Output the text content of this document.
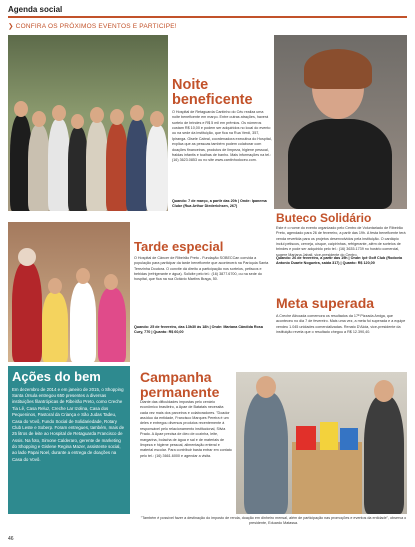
Agenda social
❯ CONFIRA OS PRÓXIMOS EVENTOS E PARTICIPE!
Noite
beneficente
O Hospital de Retaguarda Cantinho do Céu realiza uma noite beneficente em março. Entre outras atrações, haverá sorteio de brindes e R$ 5 mil em prêmios. Os números custam R$ 10,00 e podem ser adquiridos no local do evento ou na sede da instituição, que fica na Rua Verdi, 357, Ipiranga. Gisele Cabral, coordenadora executiva do Hospital, explica que as pessoas também podem colaborar com doações financeiras, produtos de limpeza, higiene pessoal, fraldas infantis e toalhas de banho. Mais informações na tel.: (16) 3623.0853 ou no site www.cantinhodoceu.com.
Quando: 7 de março, a partir das 20h | Onde: Ipanema Clube (Rua Arthur Diederichsen, 267)
Buteco Solidário
Este é o nome do evento organizado pelo Centro de Voluntariado de Ribeirão Preto, agendado para 26 de fevereiro, a partir das 19h. A festa beneficente terá venda revertida para os projetos desenvolvidos pela instituição. O cardápio inclui petiscos, cerveja, uísque, caipirinhas, refrigerante, além de sorteios de brindes e pode ser adquirido pelo tel.: (16) 3635.1739 no horário comercial, sugere Mariana Jabali, vice-presidente do Centro.
Quando: 26 de fevereiro, a partir das 19h | Onde: Ipê Golf Club (Rodovia Antonio Duarte Nogueira, saída 317) | Quanto: R$ 120,00
Tarde especial
O Hospital de Câncer de Ribeirão Preto - Fundação SOBECCan convida a população para participar da tarde beneficente que acontecerá na Paróquia Santa Terezinha Doutora. O convite dá direito a participação nos sorteios, petiscos e bebidas (refrigerante e água). Solicite pelo tel.: (16) 3877.6700, ou na sede do hospital, que fica na rua Octávio Martins Braga, 50.
Quando: 25 de fevereiro, das 13h30 às 18h | Onde: Mariana Cândida Rosa Cury, 770 | Quanto: R$ 60,00
Meta superada
A Creche Ativoada comemora os resultados da 17ª Pizzada Amiga, que aconteceu no dia 7 de fevereiro. Mais uma vez, a meta foi superada e a equipe vendeu 1.045 unidades comercializadas. Renato D'Aloia, vice-presidente da instituição revela que o resultado chegou a R$ 12.390,40.
Ações do bem
Em dezembro de 2014 e em janeiro de 2015, o Shopping Santa Úrsula entregou 650 presentes a diversas instituições filantrópicas de Ribeirão Preto, como Creche Tia Lê, Casa Reluz, Creche Lar Izolina, Casa dos Pequeninos, Pastoral da Criança e São Judas Tadeu, Casa do Vovô, Fundo Social de Solidariedade, Rotary Club Leste e Soberp. Foram entregues, também, mais de 25 litros de leite ao Hospital de Retaguarda Francisco de Assis. Na foto, Simone Calderaro, gerente de marketing do Shopping e Gislene Regina Mazer, assistente social, ao lado Papai Noel, durante a entrega de doações na Casa do Vovô.
Campanha
permanente
Diante das dificuldades impostas pelo cenário econômico brasileiro, a Apae de Batatais necessita cada vez mais dos parceiros e colaboradores. "Doador assíduo da entidade, Francisco Marques Pereira é um deles e entregou diversos produtos recentemente à responsável pelo relacionamento institucional, Silvia Prado. A Apae precisa de óleo de cozinha, leite, margarina, bolacha de água e sal e de materiais de limpeza e higiene pessoal, alimentação enteral e material escolar. Para contribuir basta entrar em contato pelo tel.: (16) 3661.6000 e agendar a visita.
"Também é possível fazer a destinação do imposto de renda, doação em dinheiro mensal, além de participação nas promoções e eventos da entidade", observa o presidente, Eduardo Matassa.
46
